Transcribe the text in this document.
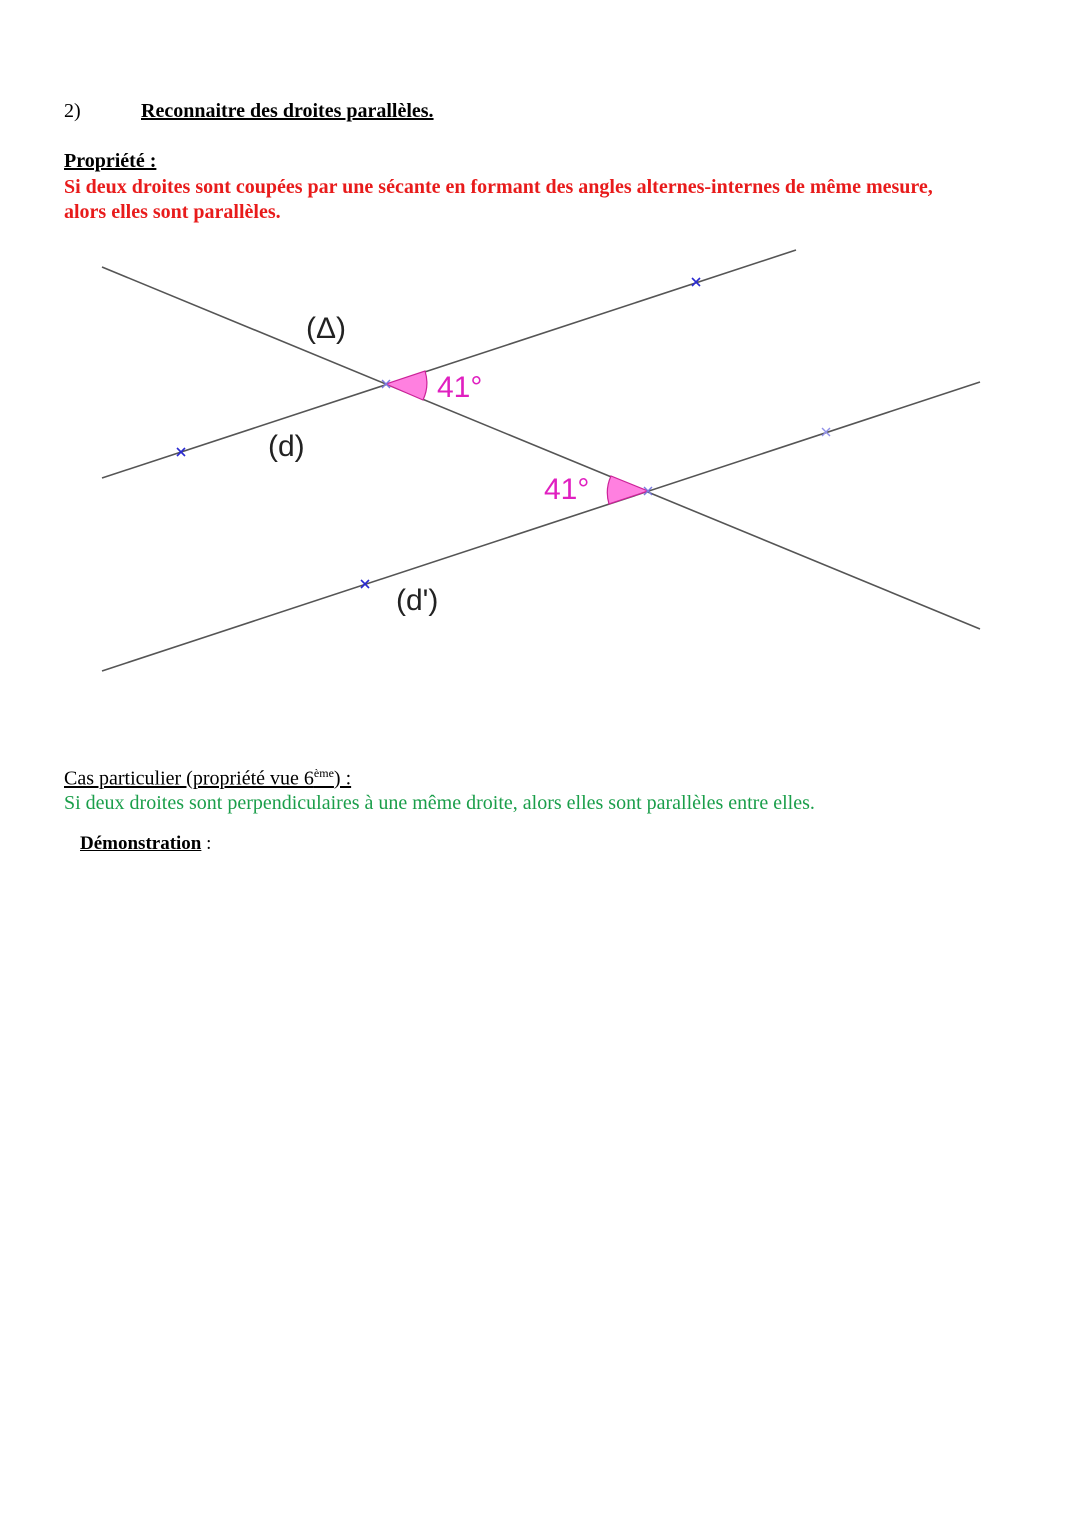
2)	Reconnaitre des droites parallèles.
Propriété :
Si deux droites sont coupées par une sécante en formant des angles alternes-internes de même mesure,
alors elles sont parallèles.
(Δ)
(d)
(d')
41°
41°
Cas particulier (propriété vue 6ème) :
Si deux droites sont perpendiculaires à une même droite, alors elles sont parallèles entre elles.
Démonstration :
